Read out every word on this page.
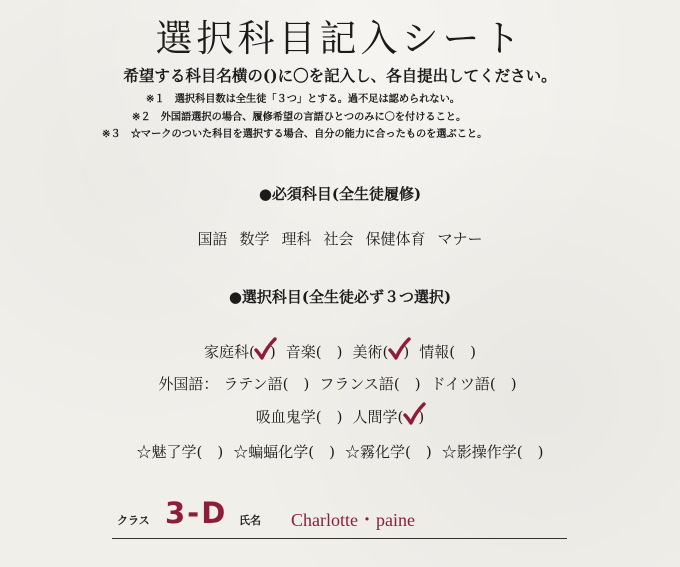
選択科目記入シート
希望する科目名横の()に〇を記入し、各自提出してください。
※１ 選択科目数は全生徒「３つ」とする。過不足は認められない。
※２ 外国語選択の場合、履修希望の言語ひとつのみに〇を付けること。
※３ ☆マークのついた科目を選択する場合、自分の能力に合ったものを選ぶこと。
●必須科目(全生徒履修)
国語 数学 理科 社会 保健体育 マナー
●選択科目(全生徒必ず３つ選択)
家庭科(　) 音楽(　) 美術(　) 情報(　)
外国語： ラテン語(　) フランス語(　) ドイツ語(　)
吸血鬼学(　) 人間学(　)
☆魅了学(　) ☆蝙蝠化学(　) ☆霧化学(　) ☆影操作学(　)
クラス 3-D 氏名 Charlotte・paine
